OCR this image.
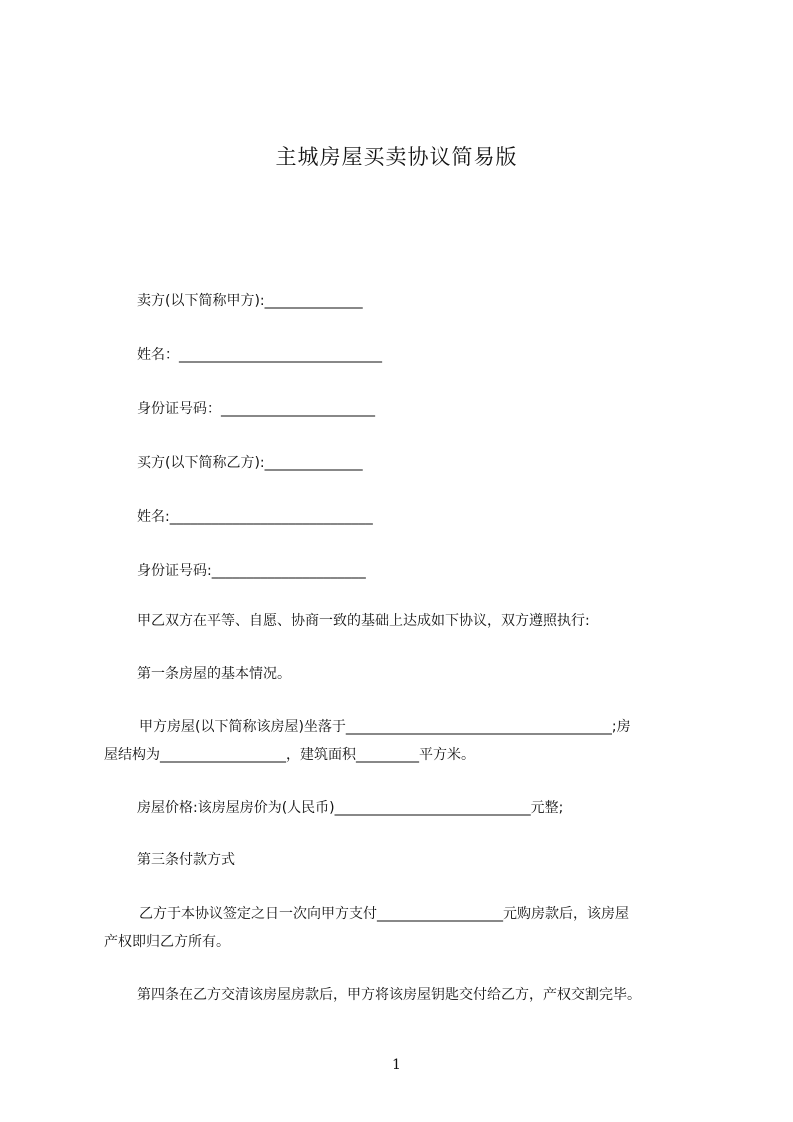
主城房屋买卖协议简易版
卖方(以下简称甲方):______________
姓名：_____________________________
身份证号码：______________________
买方(以下简称乙方):______________
姓名:_____________________________
身份证号码:______________________
甲乙双方在平等、自愿、协商一致的基础上达成如下协议，双方遵照执行:
第一条房屋的基本情况。
甲方房屋(以下简称该房屋)坐落于______________________________________;房
屋结构为__________________，建筑面积_________平方米。
房屋价格:该房屋房价为(人民币)____________________________元整;
第三条付款方式
乙方于本协议签定之日一次向甲方支付__________________元购房款后，该房屋
产权即归乙方所有。
第四条在乙方交清该房屋房款后，甲方将该房屋钥匙交付给乙方，产权交割完毕。
1
